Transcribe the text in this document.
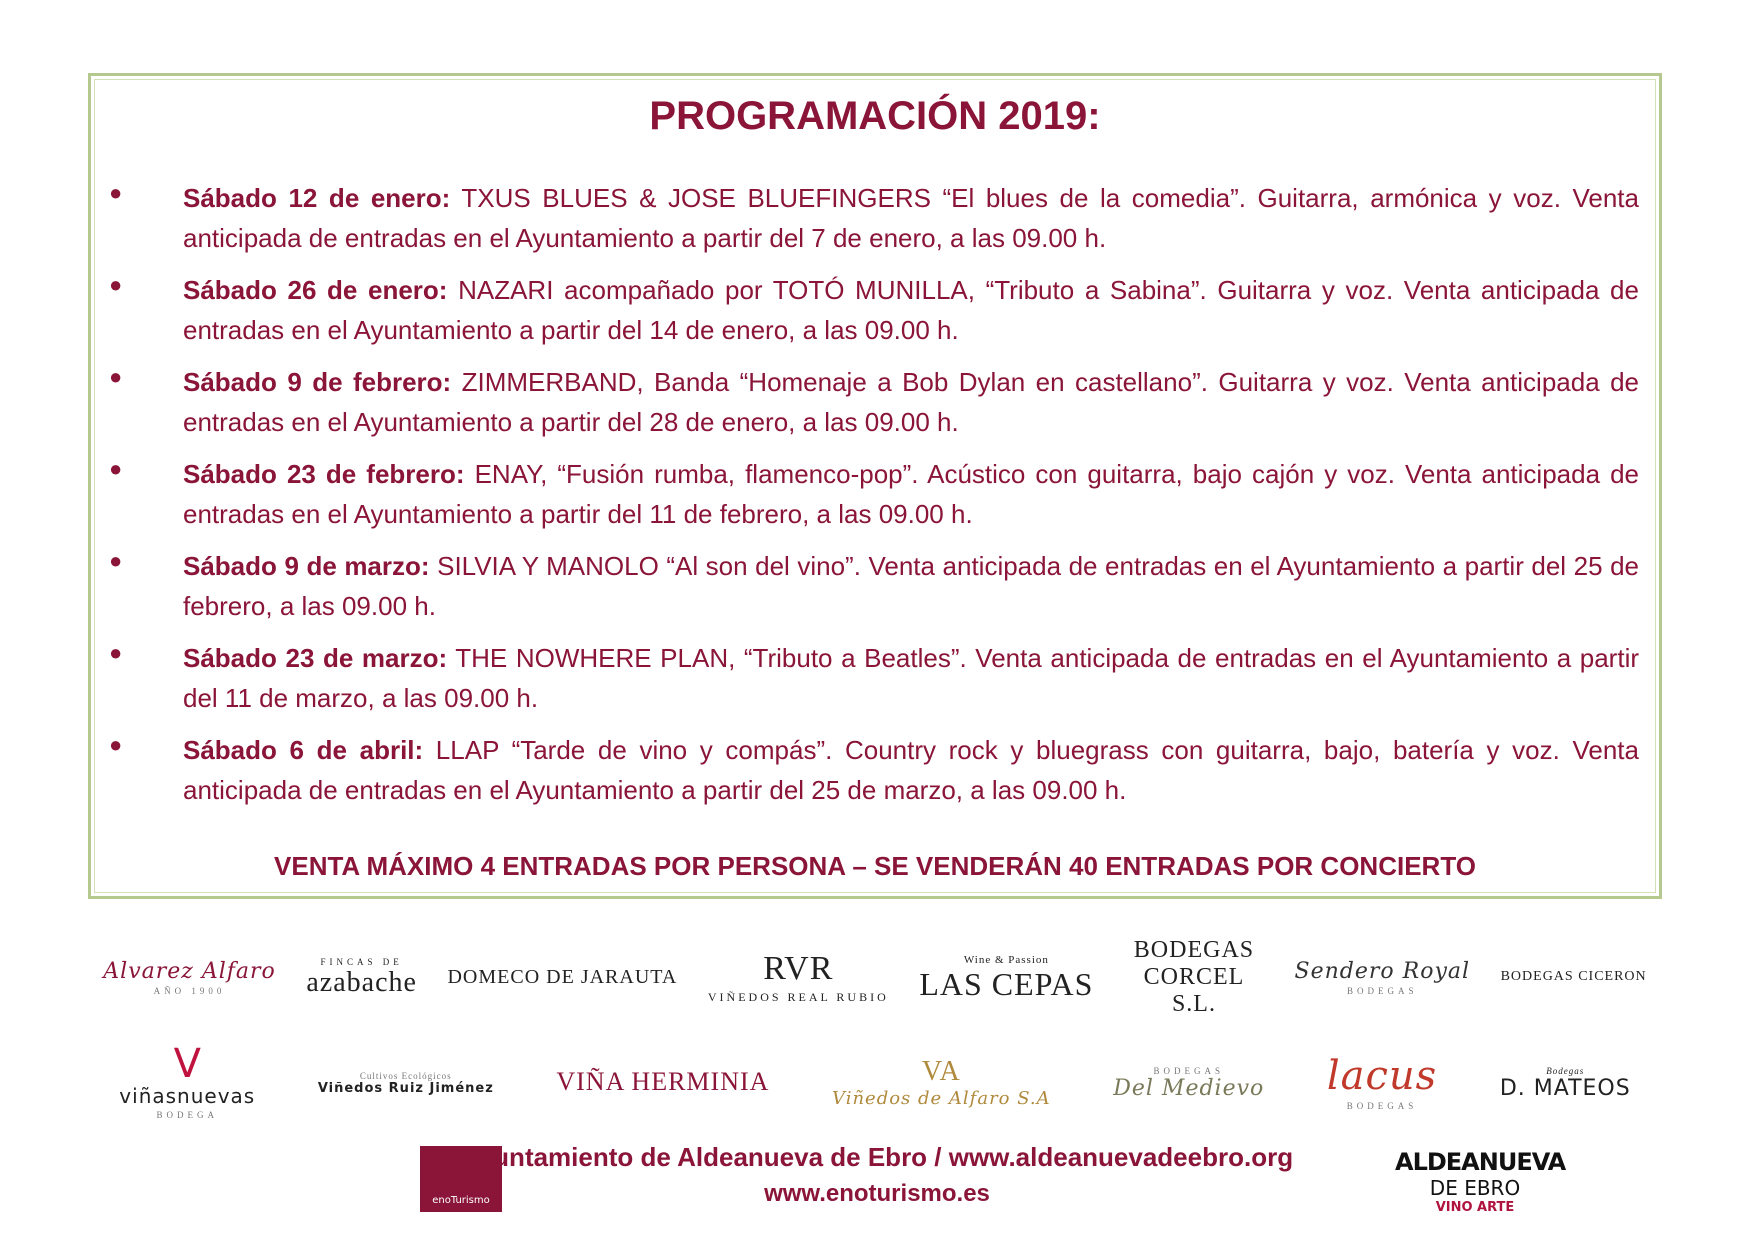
PROGRAMACIÓN 2019:
● Sábado 12 de enero: TXUS BLUES & JOSE BLUEFINGERS “El blues de la comedia”. Guitarra, armónica y voz. Venta anticipada de entradas en el Ayuntamiento a partir del 7 de enero, a las 09.00 h.
● Sábado 26 de enero: NAZARI acompañado por TOTÓ MUNILLA, “Tributo a Sabina”. Guitarra y voz. Venta anticipada de entradas en el Ayuntamiento a partir del 14 de enero, a las 09.00 h.
● Sábado 9 de febrero: ZIMMERBAND, Banda “Homenaje a Bob Dylan en castellano”. Guitarra y voz. Venta anticipada de entradas en el Ayuntamiento a partir del 28 de enero, a las 09.00 h.
● Sábado 23 de febrero: ENAY, “Fusión rumba, flamenco-pop”. Acústico con guitarra, bajo cajón y voz. Venta anticipada de entradas en el Ayuntamiento a partir del 11 de febrero, a las 09.00 h.
● Sábado 9 de marzo: SILVIA Y MANOLO “Al son del vino”. Venta anticipada de entradas en el Ayuntamiento a partir del 25 de febrero, a las 09.00 h.
● Sábado 23 de marzo: THE NOWHERE PLAN, “Tributo a Beatles”. Venta anticipada de entradas en el Ayuntamiento a partir del 11 de marzo, a las 09.00 h.
● Sábado 6 de abril: LLAP “Tarde de vino y compás”. Country rock y bluegrass con guitarra, bajo, batería y voz. Venta anticipada de entradas en el Ayuntamiento a partir del 25 de marzo, a las 09.00 h.
VENTA MÁXIMO 4 ENTRADAS POR PERSONA – SE VENDERÁN 40 ENTRADAS POR CONCIERTO
Alvarez Alfaro
AÑO 1900
FINCAS DE
azabache DOMECO DE JARAUTA	RVR
VIÑEDOS REAL RUBIO
Wine & Passion
LAS CEPAS
BODEGAS CORCEL S.L.
Sendero Royal
BODEGAS
BODEGAS CICERON
V
viñasnuevas
BODEGA
Cultivos Ecológicos
Viñedos Ruiz Jiménez VIÑA HERMINIA	VA
Viñedos de Alfaro S.A
BODEGAS
Del Medievo lacus
BODEGAS
Bodegas
D. MATEOS
enoTurismo
Ayuntamiento de Aldeanueva de Ebro / www.aldeanuevadeebro.org
www.enoturismo.es
ALDEANUEVA
DE EBRO
VINO ARTE
